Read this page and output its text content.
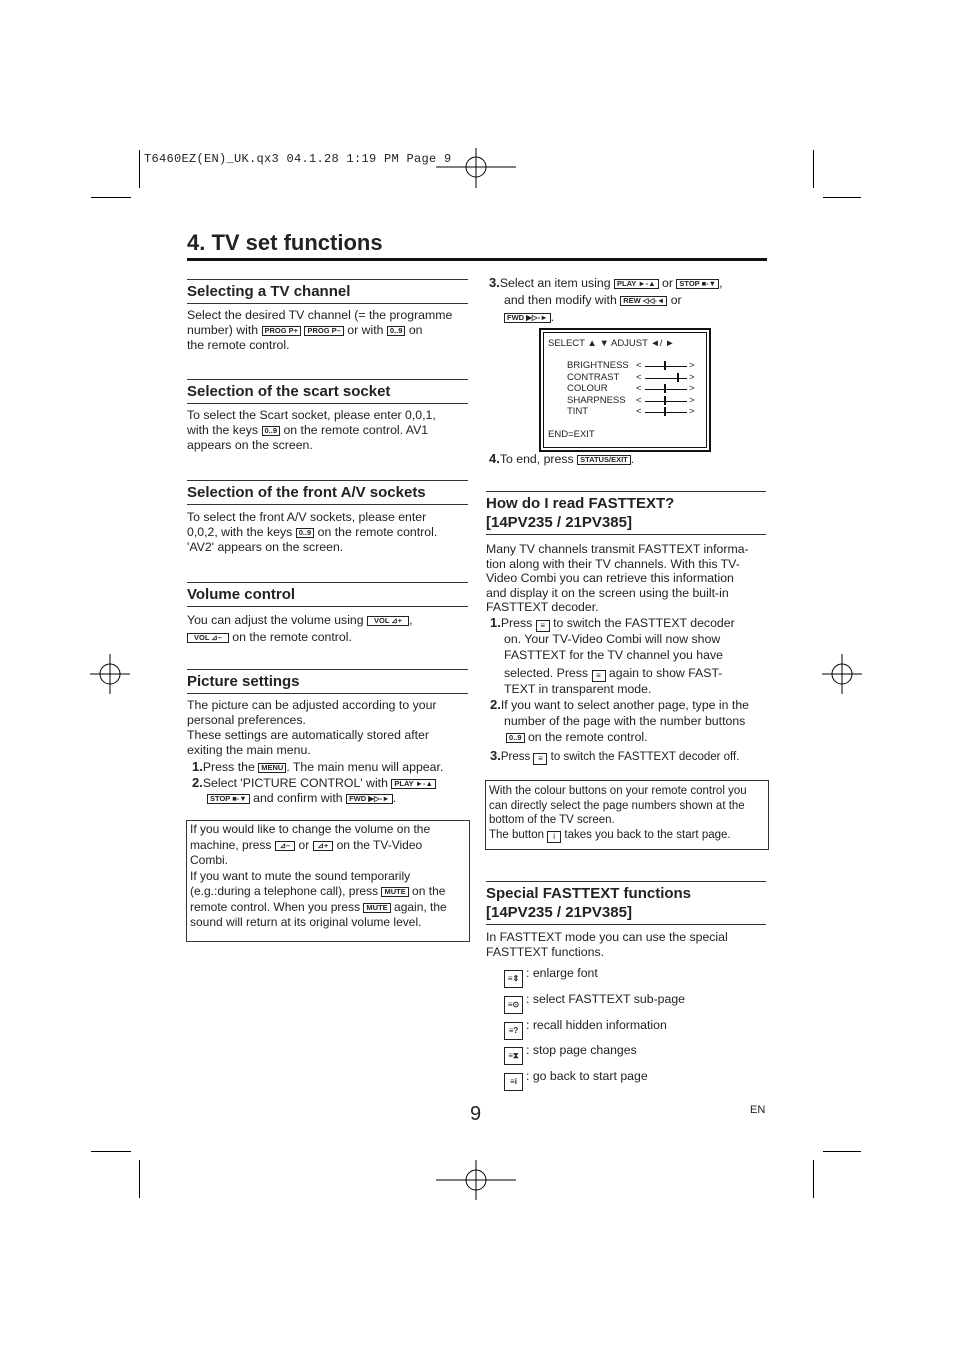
T6460EZ(EN)_UK.qx3 04.1.28 1:19 PM Page 9
4. TV set functions
Selecting a TV channel

Select the desired TV channel (= the programme

number) with PROG P+ PROG P– or with 0..9 on

the remote control.

Selection of the scart socket

To select the Scart socket, please enter 0,0,1,

with the keys 0..9 on the remote control. AV1

appears on the screen.

Selection of the front A/V sockets

To select the front A/V sockets, please enter

0,0,2, with the keys 0..9 on the remote control.

'AV2' appears on the screen.

Volume control

You can adjust the volume using VOL ⊿+ ,

VOL ⊿– on the remote control.

Picture settings

The picture can be adjusted according to your

personal preferences.

These settings are automatically stored after

exiting the main menu.

1.Press the MENU . The main menu will appear.

2.Select 'PICTURE CONTROL' with PLAY ►-▲

STOP ■-▼ and confirm with FWD ▶▷-► .

If you would like to change the volume on the

machine, press ⊿– or ⊿+ on the TV-Video

Combi.

If you want to mute the sound temporarily

(e.g.:during a telephone call), press MUTE on the

remote control. When you press MUTE again, the

sound will return at its original volume level.

3.Select an item using PLAY ►-▲ or STOP ■-▼ ,

and then modify with REW ◁◁-◄ or

FWD ▶▷-► .

SELECT ▲ ▼ ADJUST ◄/ ►
BRIGHTNESS <	>
CONTRAST <	>
COLOUR	<	>
SHARPNESS <	>
TINT	<	>
END=EXIT

4.To end, press STATUS/EXIT .

How do I read FASTTEXT?
[14PV235 / 21PV385]

Many TV channels transmit FASTTEXT informa-

tion along with their TV channels. With this TV-

Video Combi you can retrieve this information

and display it on the screen using the built-in

FASTTEXT decoder.

1.Press ≡ to switch the FASTTEXT decoder

on. Your TV-Video Combi will now show

FASTTEXT for the TV channel you have

selected. Press ≡ again to show FAST-

TEXT in transparent mode.

2.If you want to select another page, type in the

number of the page with the number buttons

0..9 on the remote control.

3.Press ≡ to switch the FASTTEXT decoder off.

With the colour buttons on your remote control you

can directly select the page numbers shown at the

bottom of the TV screen.

The button i takes you back to the start page.

Special FASTTEXT functions
[14PV235 / 21PV385]

In FASTTEXT mode you can use the special

FASTTEXT functions.

≡⇕ : enlarge font
≡⊙ : select FASTTEXT sub-page
≡? : recall hidden information
≡⧗ : stop page changes
≡i : go back to start page
9	EN
